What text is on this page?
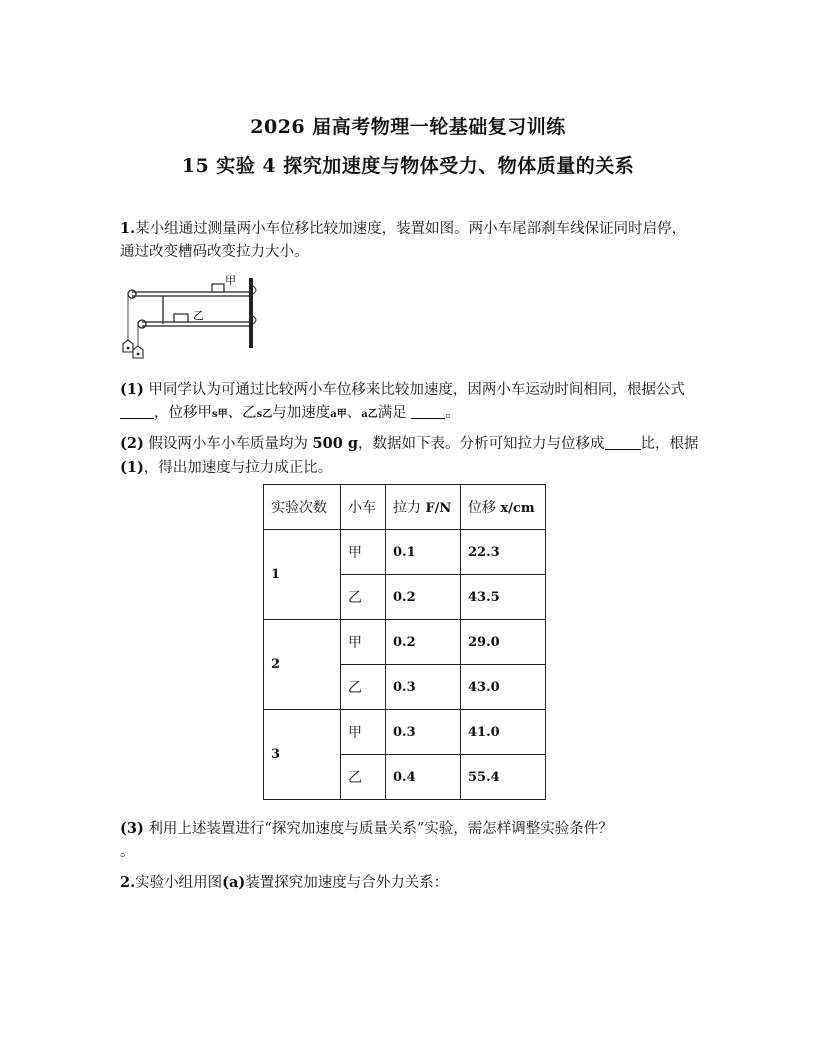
2026 届高考物理一轮基础复习训练
15 实验 4 探究加速度与物体受力、物体质量的关系
1.某小组通过测量两小车位移比较加速度，装置如图。两小车尾部刹车线保证同时启停，通过改变槽码改变拉力大小。
甲
乙
(1) 甲同学认为可通过比较两小车位移来比较加速度，因两小车运动时间相同，根据公式 ，位移甲s甲、乙s乙与加速度a甲、a乙满足 。
(2) 假设两小车小车质量均为 500 g，数据如下表。分析可知拉力与位移成 比，根据(1)，得出加速度与拉力成正比。
实验次数	小车	拉力 F/N	位移 x/cm
1	甲	0.1	22.3
	乙	0.2	43.5
2	甲	0.2	29.0
	乙	0.3	43.0
3	甲	0.3	41.0
	乙	0.4	55.4
(3) 利用上述装置进行“探究加速度与质量关系”实验，需怎样调整实验条件？
。
2.实验小组用图(a)装置探究加速度与合外力关系：
